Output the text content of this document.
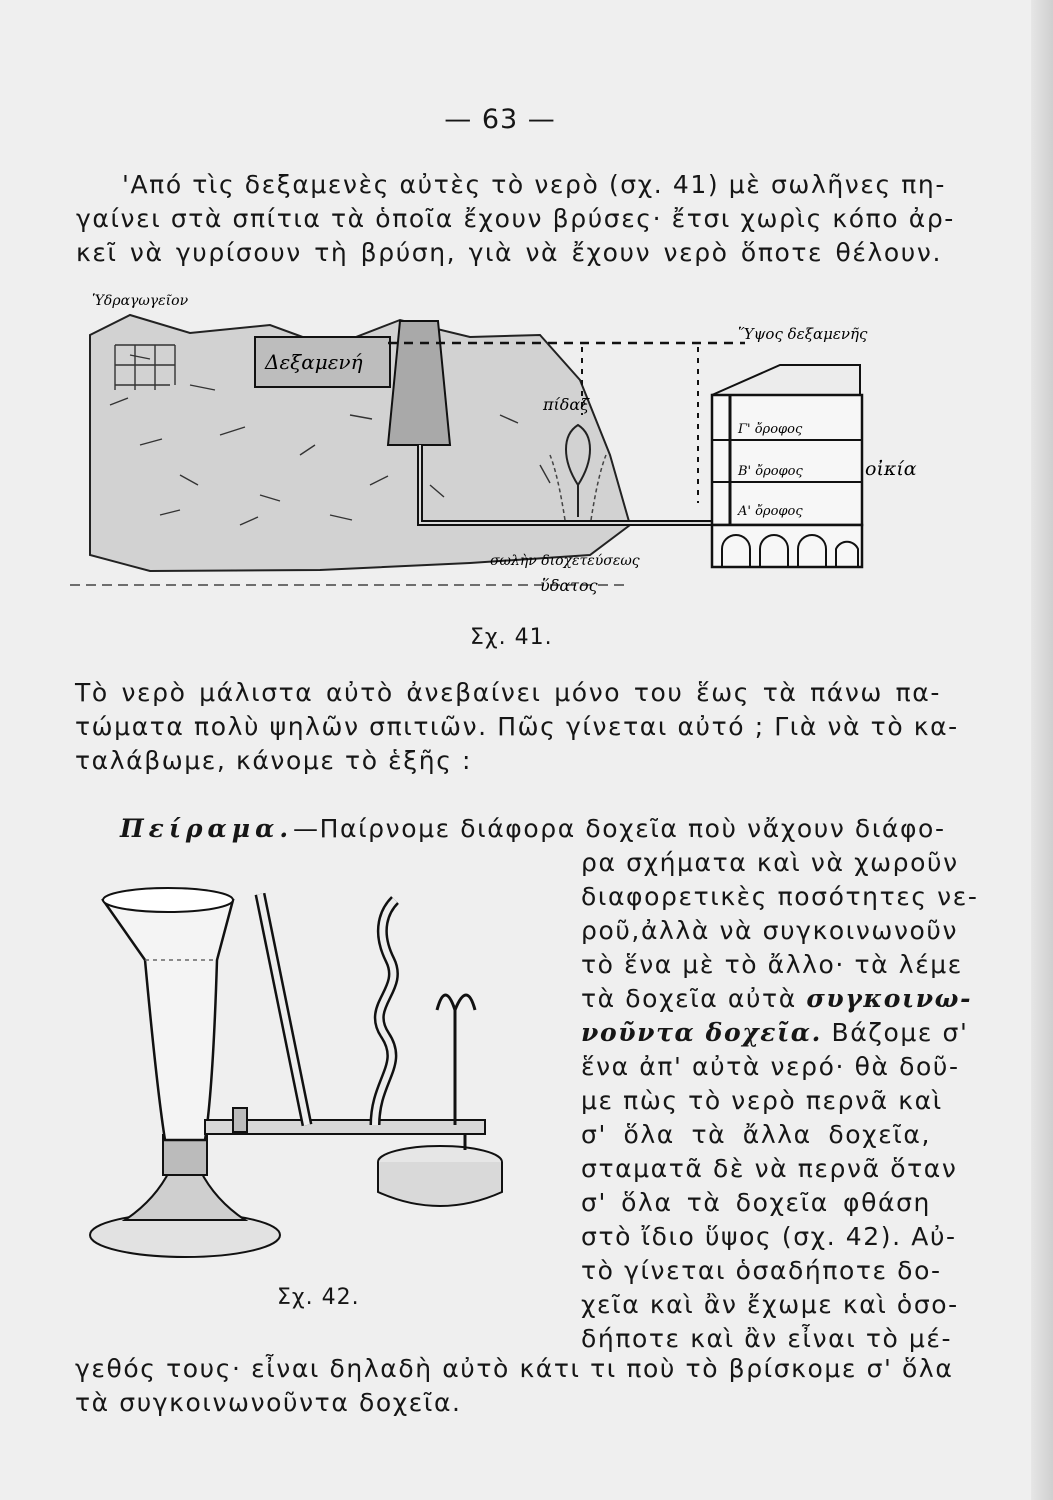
— 63 —
'Από τὶς δεξαμενὲς αὐτὲς τὸ νερὸ (σχ. 41) μὲ σωλῆνες πη-
γαίνει στὰ σπίτια τὰ ὁποῖα ἔχουν βρύσες· ἔτσι χωρὶς κόπο ἀρ-
κεῖ νὰ γυρίσουν τὴ βρύση, γιὰ νὰ ἔχουν νερὸ ὅποτε θέλουν.
Ὑδραγωγεῖον
Δεξαμενή
Ὕψος δεξαμενῆς
πίδαξ
σωλὴν διοχετεύσεως
ὕδατος
οἰκία
Γ' ὄροφος
Β' ὄροφος
Α' ὄροφος
Σχ. 41.
Τὸ νερὸ μάλιστα αὐτὸ ἀνεβαίνει μόνο του ἕως τὰ πάνω πα-
τώματα πολὺ ψηλῶν σπιτιῶν. Πῶς γίνεται αὐτό ; Γιὰ νὰ τὸ κα-
ταλάβωμε, κάνομε τὸ ἑξῆς :
Πείραμα.—Παίρνομε διάφορα δοχεῖα ποὺ νἄχουν διάφο-
Σχ. 42.
ρα σχήματα καὶ νὰ χωροῦν
διαφορετικὲς ποσότητες νε-
ροῦ,ἀλλὰ νὰ συγκοινωνοῦν
τὸ ἕνα μὲ τὸ ἄλλο· τὰ λέμε
τὰ δοχεῖα αὐτὰ συγκοινω-
νοῦντα δοχεῖα. Βάζομε σ'
ἕνα ἀπ' αὐτὰ νερό· θὰ δοῦ-
με πὼς τὸ νερὸ περνᾶ καὶ
σ' ὅλα τὰ ἄλλα δοχεῖα,
σταματᾶ δὲ νὰ περνᾶ ὅταν
σ' ὅλα τὰ δοχεῖα φθάση
στὸ ἴδιο ὕψος (σχ. 42). Αὐ-
τὸ γίνεται ὁσαδήποτε δο-
χεῖα καὶ ἂν ἔχωμε καὶ ὁσο-
δήποτε καὶ ἂν εἶναι τὸ μέ-
γεθός τους· εἶναι δηλαδὴ αὐτὸ κάτι τι ποὺ τὸ βρίσκομε σ' ὅλα
τὰ συγκοινωνοῦντα δοχεῖα.
